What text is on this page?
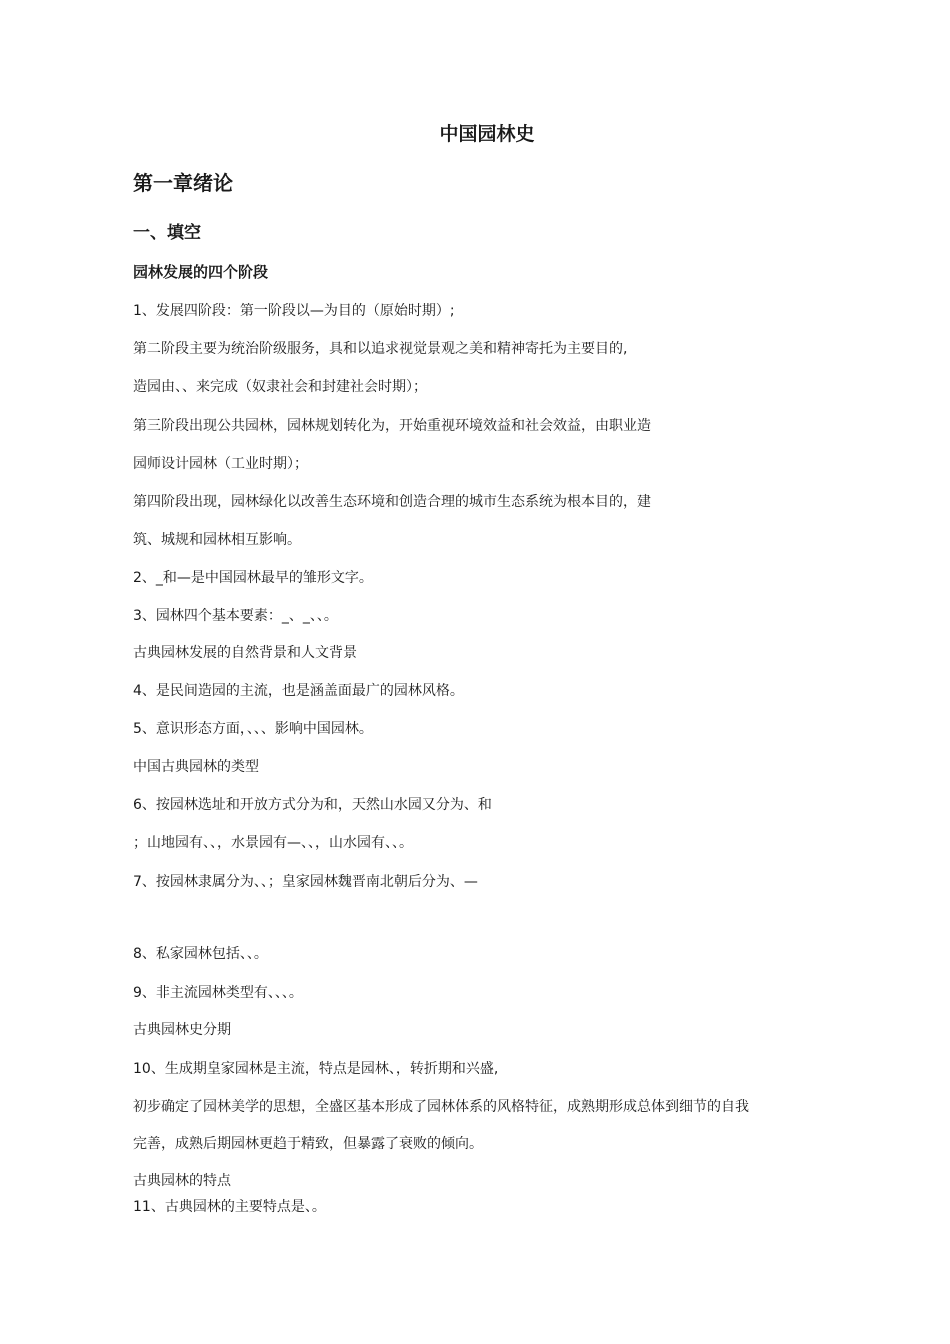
中国园林史
第一章绪论
一、填空
园林发展的四个阶段
1、发展四阶段：第一阶段以—为目的（原始时期）;
第二阶段主要为统治阶级服务，具和以追求视觉景观之美和精神寄托为主要目的,
造园由、、来完成（奴隶社会和封建社会时期）；
第三阶段出现公共园林，园林规划转化为，开始重视环境效益和社会效益，由职业造
园师设计园林（工业时期）；
第四阶段出现，园林绿化以改善生态环境和创造合理的城市生态系统为根本目的，建
筑、城规和园林相互影响。
2、_和—是中国园林最早的雏形文字。
3、园林四个基本要素：_、_、、。
古典园林发展的自然背景和人文背景
4、是民间造园的主流，也是涵盖面最广的园林风格。
5、意识形态方面，、、、影响中国园林。
中国古典园林的类型
6、按园林选址和开放方式分为和，天然山水园又分为、和
；山地园有、、，水景园有—、、，山水园有、、。
7、按园林隶属分为、、；皇家园林魏晋南北朝后分为、—
8、私家园林包括、、。
9、非主流园林类型有、、、。
古典园林史分期
10、生成期皇家园林是主流，特点是园林、，转折期和兴盛,
初步确定了园林美学的思想，全盛区基本形成了园林体系的风格特征，成熟期形成总体到细节的自我
完善，成熟后期园林更趋于精致，但暴露了衰败的倾向。
古典园林的特点
11、古典园林的主要特点是、。
